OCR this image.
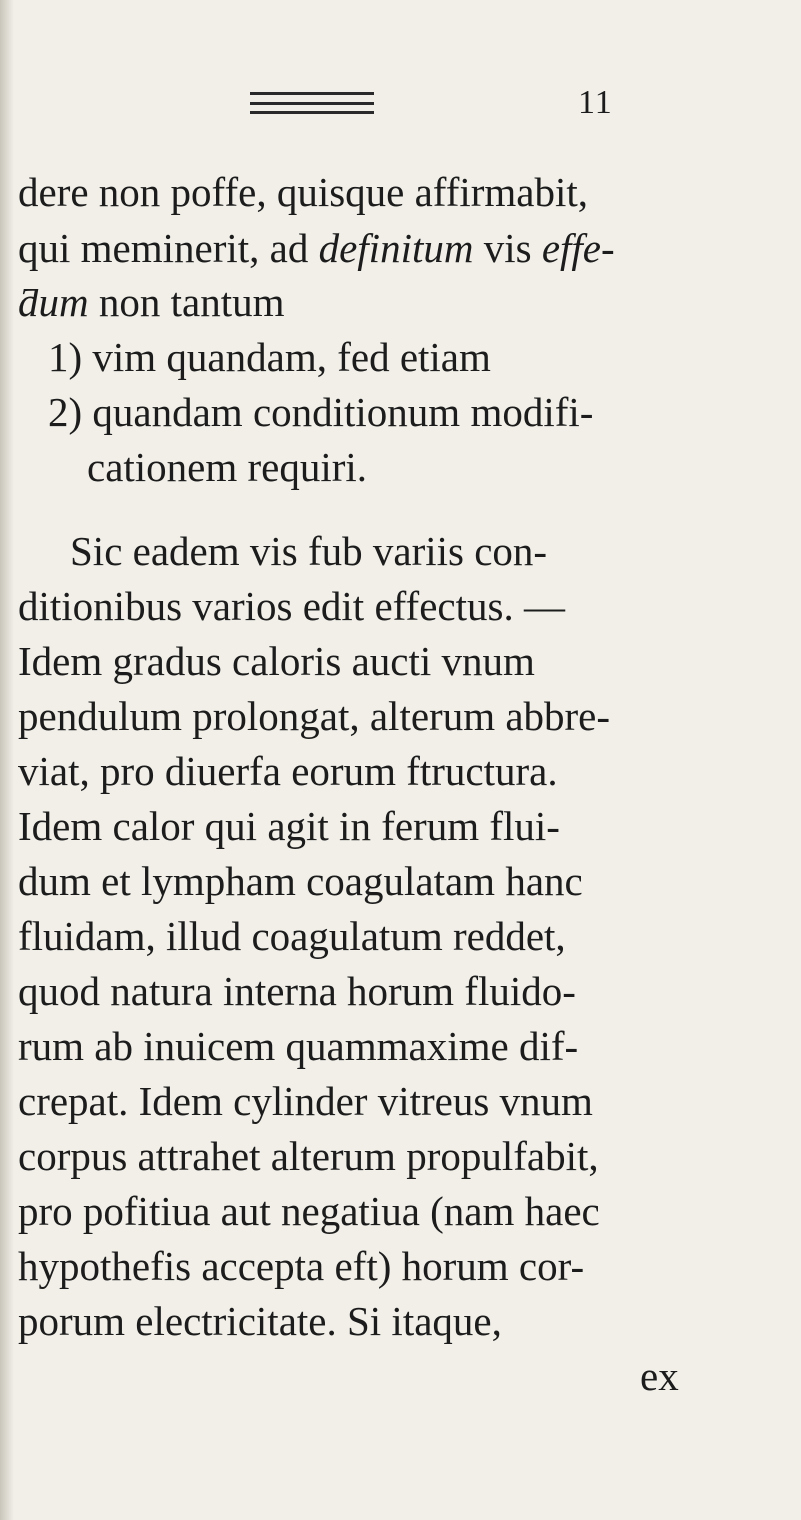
11
dere non poffe, quisque affirmabit,
qui meminerit, ad definitum vis effe-
ƌum non tantum
1) vim quandam, fed etiam
2) quandam conditionum modifi-
cationem requiri.
Sic eadem vis fub variis con-
ditionibus varios edit effectus. —
Idem gradus caloris aucti vnum
pendulum prolongat, alterum abbre-
viat, pro diuerfa eorum ftructura.
Idem calor qui agit in ferum flui-
dum et lympham coagulatam hanc
fluidam, illud coagulatum reddet,
quod natura interna horum fluido-
rum ab inuicem quammaxime dif-
crepat. Idem cylinder vitreus vnum
corpus attrahet alterum propulfabit,
pro pofitiua aut negatiua (nam haec
hypothefis accepta eft) horum cor-
porum electricitate. Si itaque,
ex
